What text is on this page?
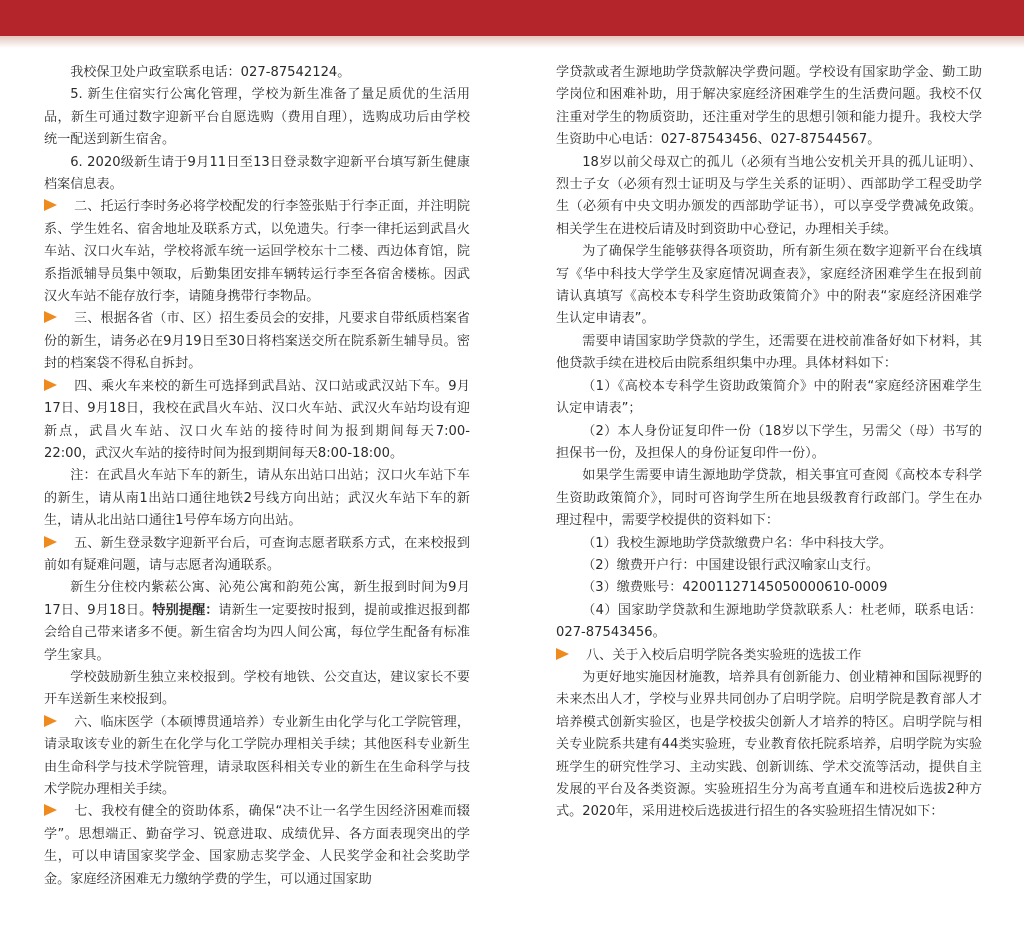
我校保卫处户政室联系电话：027-87542124。

5. 新生住宿实行公寓化管理，学校为新生准备了量足质优的生活用品，新生可通过数字迎新平台自愿选购（费用自理），选购成功后由学校统一配送到新生宿舍。

6. 2020级新生请于9月11日至13日登录数字迎新平台填写新生健康档案信息表。

二、托运行李时务必将学校配发的行李签张贴于行李正面，并注明院系、学生姓名、宿舍地址及联系方式，以免遗失。行李一律托运到武昌火车站、汉口火车站，学校将派车统一运回学校东十二楼、西边体育馆，院系指派辅导员集中领取，后勤集团安排车辆转运行李至各宿舍楼栋。因武汉火车站不能存放行李，请随身携带行李物品。

三、根据各省（市、区）招生委员会的安排，凡要求自带纸质档案省份的新生，请务必在9月19日至30日将档案送交所在院系新生辅导员。密封的档案袋不得私自拆封。

四、乘火车来校的新生可选择到武昌站、汉口站或武汉站下车。9月17日、9月18日，我校在武昌火车站、汉口火车站、武汉火车站均设有迎新点，武昌火车站、汉口火车站的接待时间为报到期间每天7:00-22:00，武汉火车站的接待时间为报到期间每天8:00-18:00。

注：在武昌火车站下车的新生，请从东出站口出站；汉口火车站下车的新生，请从南1出站口通往地铁2号线方向出站；武汉火车站下车的新生，请从北出站口通往1号停车场方向出站。

五、新生登录数字迎新平台后，可查询志愿者联系方式，在来校报到前如有疑难问题，请与志愿者沟通联系。

新生分住校内紫菘公寓、沁苑公寓和韵苑公寓，新生报到时间为9月17日、9月18日。特别提醒：请新生一定要按时报到，提前或推迟报到都会给自己带来诸多不便。新生宿舍均为四人间公寓，每位学生配备有标准学生家具。

学校鼓励新生独立来校报到。学校有地铁、公交直达，建议家长不要开车送新生来校报到。

六、临床医学（本硕博贯通培养）专业新生由化学与化工学院管理，请录取该专业的新生在化学与化工学院办理相关手续；其他医科专业新生由生命科学与技术学院管理，请录取医科相关专业的新生在生命科学与技术学院办理相关手续。

七、我校有健全的资助体系，确保“决不让一名学生因经济困难而辍学”。思想端正、勤奋学习、锐意进取、成绩优异、各方面表现突出的学生，可以申请国家奖学金、国家励志奖学金、人民奖学金和社会奖助学金。家庭经济困难无力缴纳学费的学生，可以通过国家助

学贷款或者生源地助学贷款解决学费问题。学校设有国家助学金、勤工助学岗位和困难补助，用于解决家庭经济困难学生的生活费问题。我校不仅注重对学生的物质资助，还注重对学生的思想引领和能力提升。我校大学生资助中心电话：027-87543456、027-87544567。

18岁以前父母双亡的孤儿（必须有当地公安机关开具的孤儿证明）、烈士子女（必须有烈士证明及与学生关系的证明）、西部助学工程受助学生（必须有中央文明办颁发的西部助学证书），可以享受学费减免政策。相关学生在进校后请及时到资助中心登记，办理相关手续。

为了确保学生能够获得各项资助，所有新生须在数字迎新平台在线填写《华中科技大学学生及家庭情况调查表》，家庭经济困难学生在报到前请认真填写《高校本专科学生资助政策简介》中的附表“家庭经济困难学生认定申请表”。

需要申请国家助学贷款的学生，还需要在进校前准备好如下材料，其他贷款手续在进校后由院系组织集中办理。具体材料如下：

（1）《高校本专科学生资助政策简介》中的附表“家庭经济困难学生认定申请表”；

（2）本人身份证复印件一份（18岁以下学生，另需父（母）书写的担保书一份，及担保人的身份证复印件一份）。

如果学生需要申请生源地助学贷款，相关事宜可查阅《高校本专科学生资助政策简介》，同时可咨询学生所在地县级教育行政部门。学生在办理过程中，需要学校提供的资料如下：

（1）我校生源地助学贷款缴费户名：华中科技大学。

（2）缴费开户行：中国建设银行武汉喻家山支行。

（3）缴费账号：42001127145050000610-0009

（4）国家助学贷款和生源地助学贷款联系人：杜老师，联系电话：027-87543456。

八、关于入校后启明学院各类实验班的选拔工作

为更好地实施因材施教，培养具有创新能力、创业精神和国际视野的未来杰出人才，学校与业界共同创办了启明学院。启明学院是教育部人才培养模式创新实验区，也是学校拔尖创新人才培养的特区。启明学院与相关专业院系共建有44类实验班，专业教育依托院系培养，启明学院为实验班学生的研究性学习、主动实践、创新训练、学术交流等活动，提供自主发展的平台及各类资源。实验班招生分为高考直通车和进校后选拔2种方式。2020年，采用进校后选拔进行招生的各实验班招生情况如下：
